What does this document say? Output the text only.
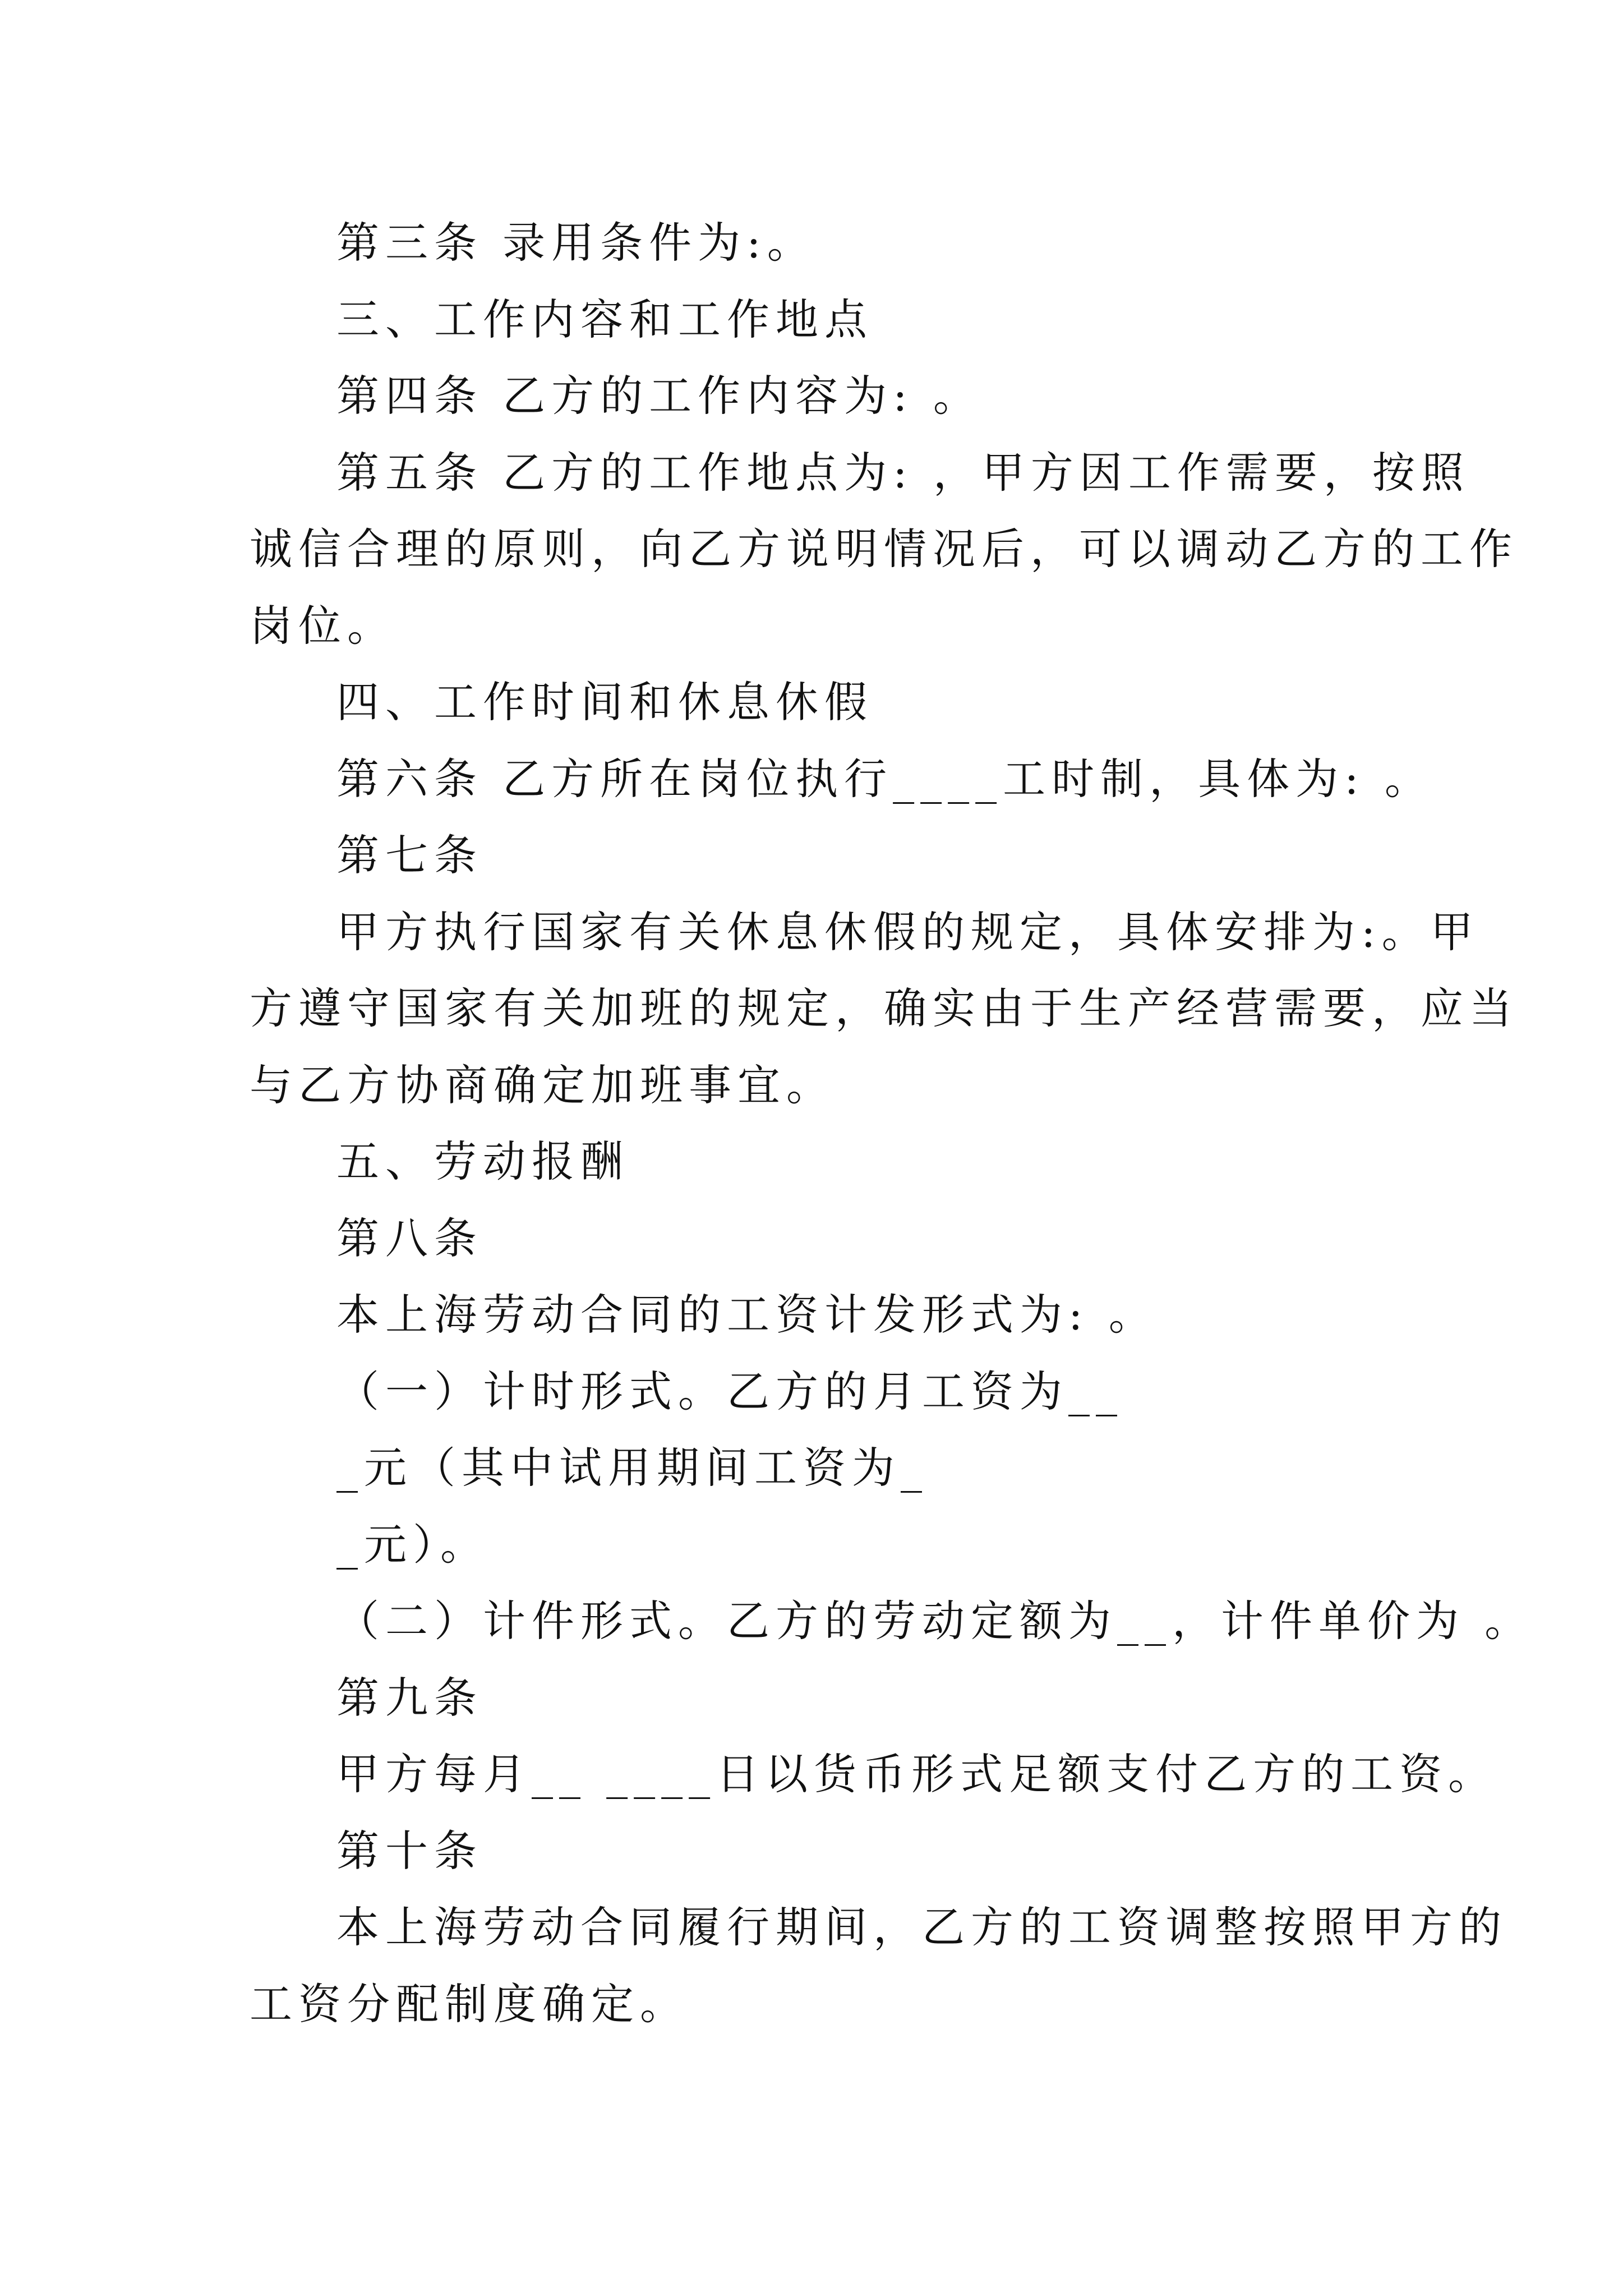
第三条 录用条件为:。
三、工作内容和工作地点
第四条 乙方的工作内容为: 。
第五条 乙方的工作地点为: ，甲方因工作需要，按照
诚信合理的原则，向乙方说明情况后，可以调动乙方的工作
岗位。
四、工作时间和休息休假
第六条 乙方所在岗位执行____工时制，具体为: 。
第七条
甲方执行国家有关休息休假的规定，具体安排为:。甲
方遵守国家有关加班的规定，确实由于生产经营需要，应当
与乙方协商确定加班事宜。
五、劳动报酬
第八条
本上海劳动合同的工资计发形式为: 。
（一）计时形式。乙方的月工资为__
_元（其中试用期间工资为_
_元）。
（二）计件形式。乙方的劳动定额为__，计件单价为 。
第九条
甲方每月__ ____日以货币形式足额支付乙方的工资。
第十条
本上海劳动合同履行期间，乙方的工资调整按照甲方的
工资分配制度确定。
